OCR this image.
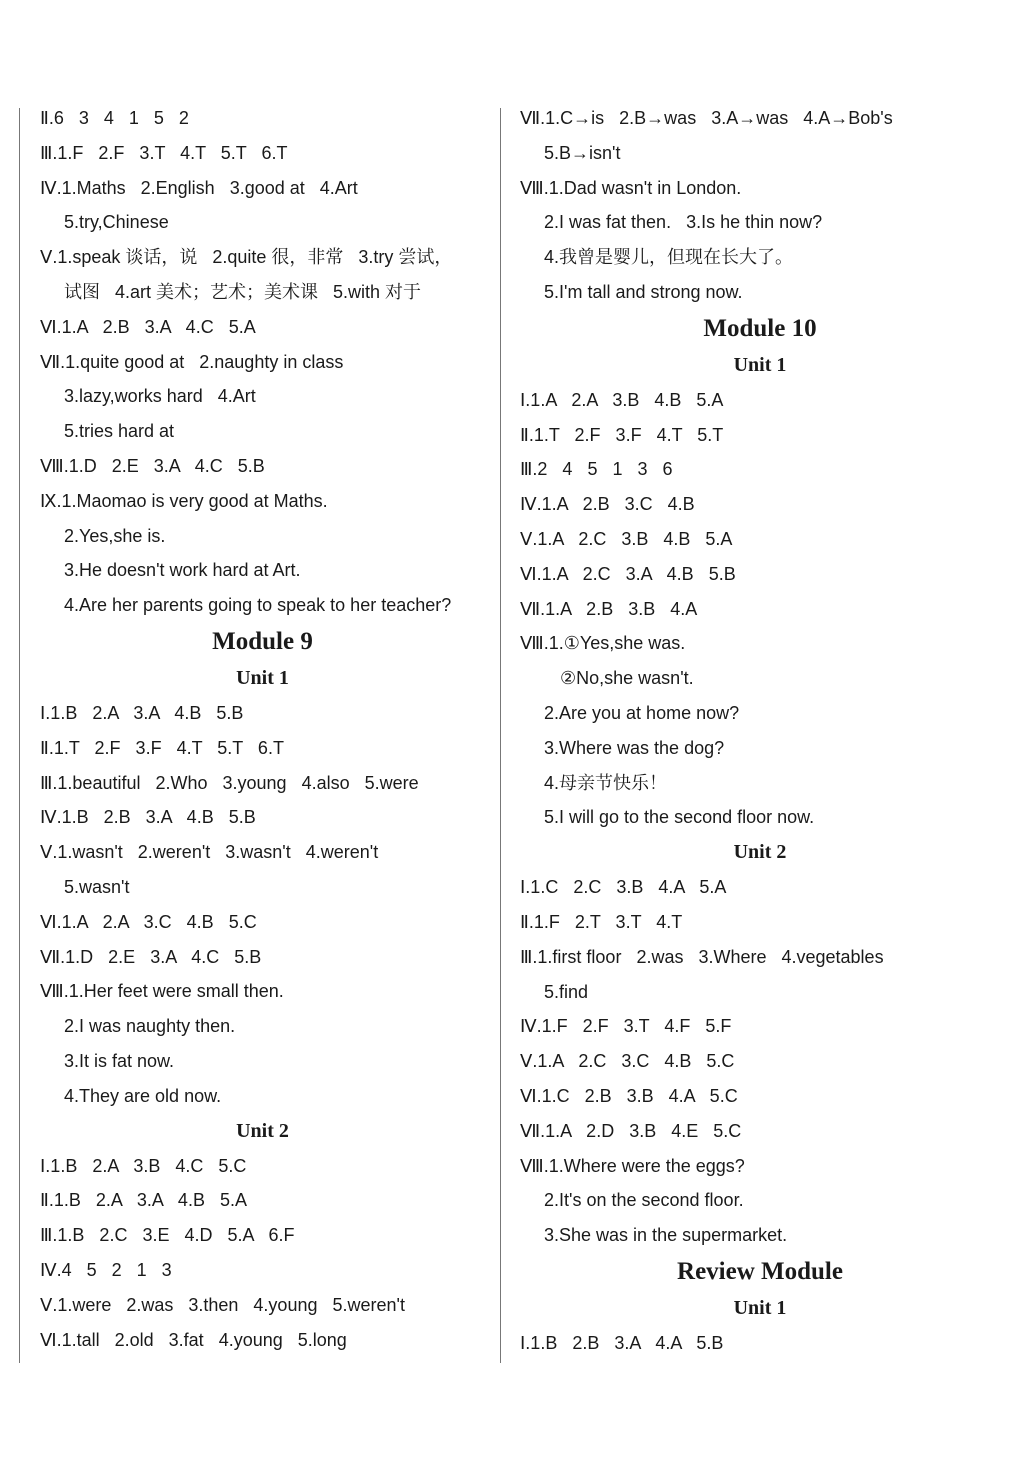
Ⅱ.6   3   4   1   5   2
Ⅲ.1.F   2.F   3.T   4.T   5.T   6.T
Ⅳ.1.Maths   2.English   3.good at   4.Art
5.try,Chinese
Ⅴ.1.speak 谈话，说   2.quite 很，非常   3.try 尝试，
试图   4.art 美术；艺术；美术课   5.with 对于
Ⅵ.1.A   2.B   3.A   4.C   5.A
Ⅶ.1.quite good at   2.naughty in class
3.lazy,works hard   4.Art
5.tries hard at
Ⅷ.1.D   2.E   3.A   4.C   5.B
Ⅸ.1.Maomao is very good at Maths.
2.Yes,she is.
3.He doesn't work hard at Art.
4.Are her parents going to speak to her teacher?
Module 9
Unit 1
Ⅰ.1.B   2.A   3.A   4.B   5.B
Ⅱ.1.T   2.F   3.F   4.T   5.T   6.T
Ⅲ.1.beautiful   2.Who   3.young   4.also   5.were
Ⅳ.1.B   2.B   3.A   4.B   5.B
Ⅴ.1.wasn't   2.weren't   3.wasn't   4.weren't
5.wasn't
Ⅵ.1.A   2.A   3.C   4.B   5.C
Ⅶ.1.D   2.E   3.A   4.C   5.B
Ⅷ.1.Her feet were small then.
2.I was naughty then.
3.It is fat now.
4.They are old now.
Unit 2
Ⅰ.1.B   2.A   3.B   4.C   5.C
Ⅱ.1.B   2.A   3.A   4.B   5.A
Ⅲ.1.B   2.C   3.E   4.D   5.A   6.F
Ⅳ.4   5   2   1   3
Ⅴ.1.were   2.was   3.then   4.young   5.weren't
Ⅵ.1.tall   2.old   3.fat   4.young   5.long
Ⅶ.1.C→is   2.B→was   3.A→was   4.A→Bob's
5.B→isn't
Ⅷ.1.Dad wasn't in London.
2.I was fat then.   3.Is he thin now?
4.我曾是婴儿，但现在长大了。
5.I'm tall and strong now.
Module 10
Unit 1
Ⅰ.1.A   2.A   3.B   4.B   5.A
Ⅱ.1.T   2.F   3.F   4.T   5.T
Ⅲ.2   4   5   1   3   6
Ⅳ.1.A   2.B   3.C   4.B
Ⅴ.1.A   2.C   3.B   4.B   5.A
Ⅵ.1.A   2.C   3.A   4.B   5.B
Ⅶ.1.A   2.B   3.B   4.A
Ⅷ.1.①Yes,she was.
②No,she wasn't.
2.Are you at home now?
3.Where was the dog?
4.母亲节快乐！
5.I will go to the second floor now.
Unit 2
Ⅰ.1.C   2.C   3.B   4.A   5.A
Ⅱ.1.F   2.T   3.T   4.T
Ⅲ.1.first floor   2.was   3.Where   4.vegetables
5.find
Ⅳ.1.F   2.F   3.T   4.F   5.F
Ⅴ.1.A   2.C   3.C   4.B   5.C
Ⅵ.1.C   2.B   3.B   4.A   5.C
Ⅶ.1.A   2.D   3.B   4.E   5.C
Ⅷ.1.Where were the eggs?
2.It's on the second floor.
3.She was in the supermarket.
Review Module
Unit 1
Ⅰ.1.B   2.B   3.A   4.A   5.B
